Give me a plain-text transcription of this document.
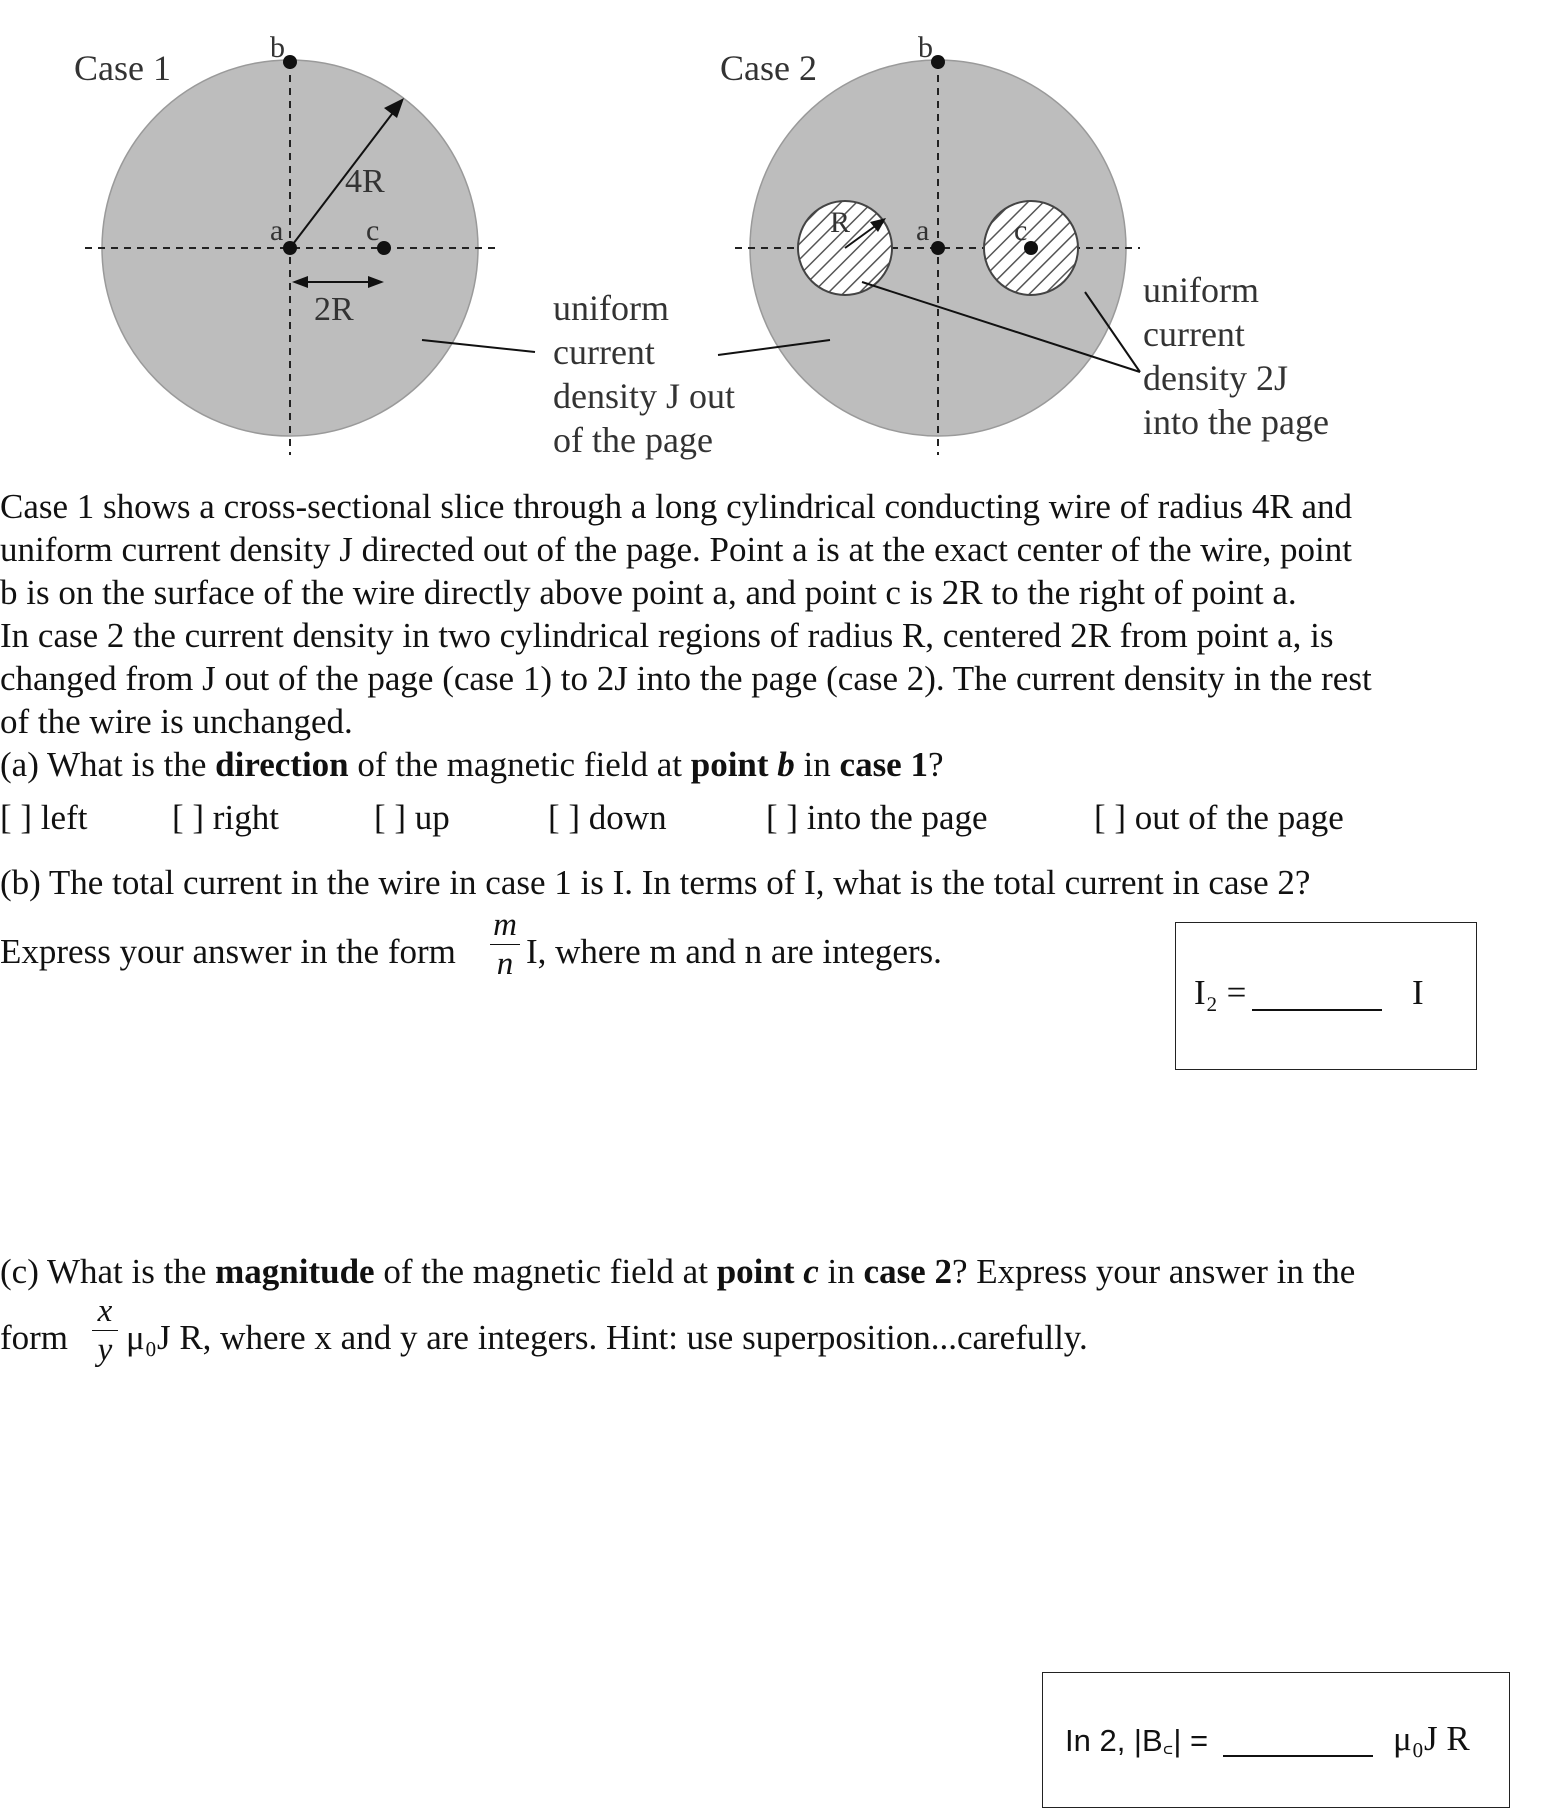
Case 1
b
a	c
4R
2R
Case 2
b
a	c
R
uniform current density J out of the page
uniform current density 2J into the page
Case 1 shows a cross-sectional slice through a long cylindrical conducting wire of radius 4R and
uniform current density J directed out of the page. Point a is at the exact center of the wire, point
b is on the surface of the wire directly above point a, and point c is 2R to the right of point a.
In case 2 the current density in two cylindrical regions of radius R, centered 2R from point a, is
changed from J out of the page (case 1) to 2J into the page (case 2). The current density in the rest
of the wire is unchanged.
(a) What is the direction of the magnetic field at point b in case 1?
[ ] left [ ] right	[ ] up	[ ] down	[ ] into the page	[ ] out of the page
(b) The total current in the wire in case 1 is I. In terms of I, what is the total current in case 2?
Express your answer in the form
m
n I, where m and n are integers.
I₂ =	I
(c) What is the magnitude of the magnetic field at point c in case 2? Express your answer in the
form
x
y μ₀J R, where x and y are integers. Hint: use superposition...carefully.
In 2, |B꜀| =	μ₀J R
